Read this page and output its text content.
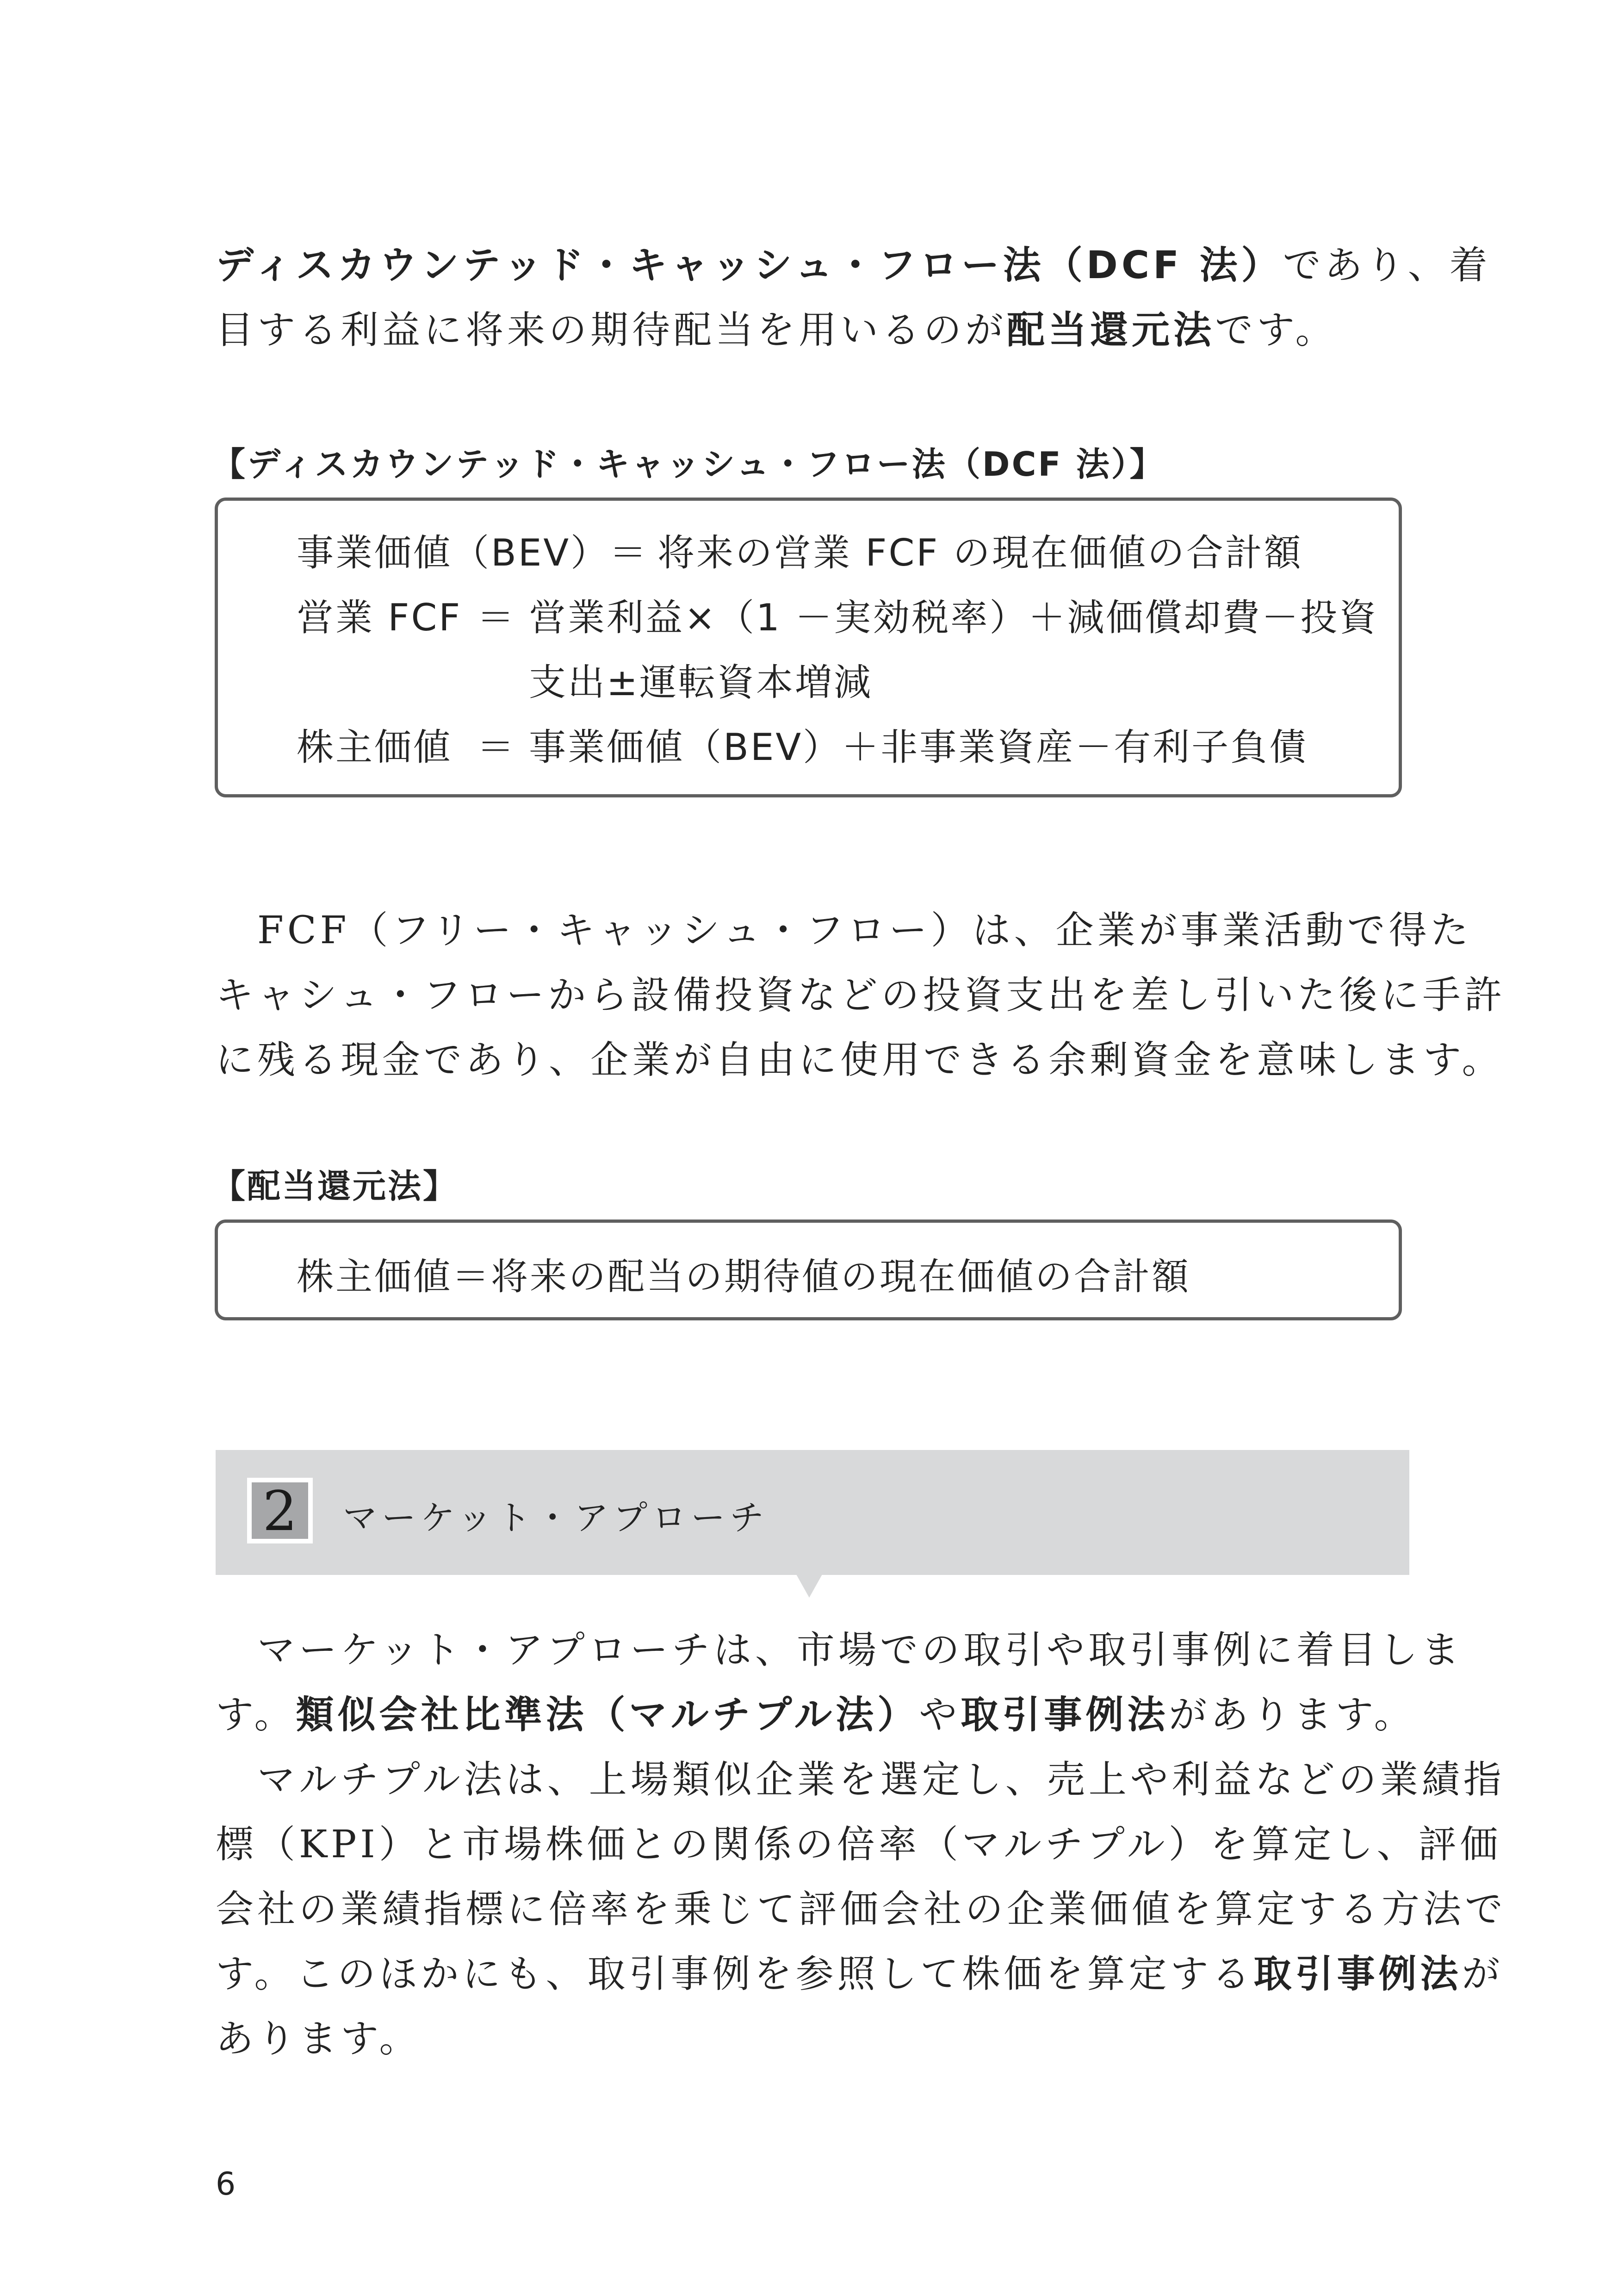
ディスカウンテッド・キャッシュ・フロー法（DCF 法）であり、着
目する利益に将来の期待配当を用いるのが配当還元法です。
【ディスカウンテッド・キャッシュ・フロー法（DCF 法）】
事業価値（BEV）＝ 将来の営業 FCF の現在価値の合計額
営業 FCF ＝ 営業利益×（1 －実効税率）＋減価償却費－投資
支出±運転資本増減
株主価値 ＝ 事業価値（BEV）＋非事業資産－有利子負債
　FCF（フリー・キャッシュ・フロー）は、企業が事業活動で得た
キャシュ・フローから設備投資などの投資支出を差し引いた後に手許
に残る現金であり、企業が自由に使用できる余剰資金を意味します。
【配当還元法】
株主価値＝将来の配当の期待値の現在価値の合計額
2	マーケット・アプローチ
　マーケット・アプローチは、市場での取引や取引事例に着目しま
す。類似会社比準法（マルチプル法）や取引事例法があります。
　マルチプル法は、上場類似企業を選定し、売上や利益などの業績指
標（KPI）と市場株価との関係の倍率（マルチプル）を算定し、評価
会社の業績指標に倍率を乗じて評価会社の企業価値を算定する方法で
す。このほかにも、取引事例を参照して株価を算定する取引事例法が
あります。
6
